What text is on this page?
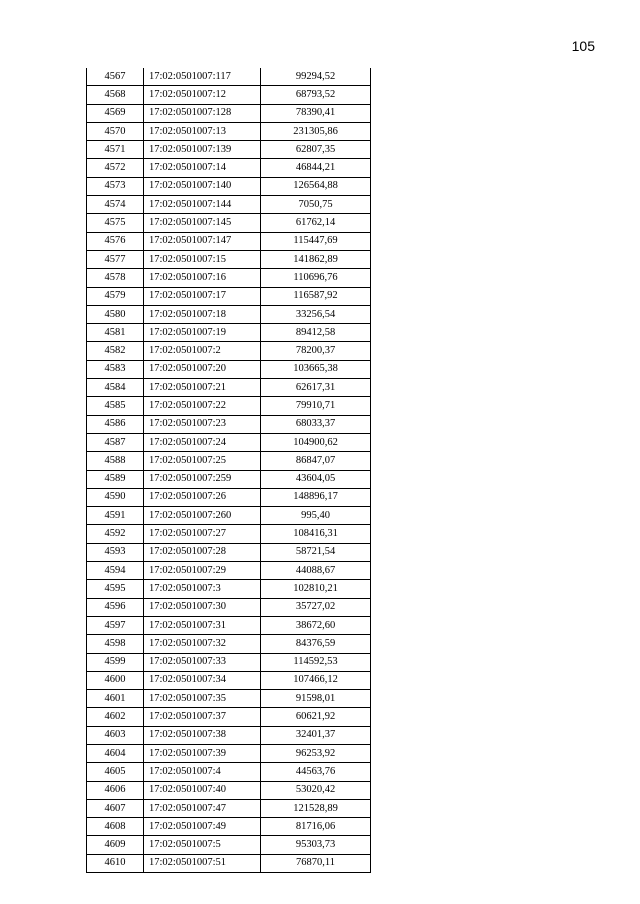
105
4567	17:02:0501007:117	99294,52
4568	17:02:0501007:12	68793,52
4569	17:02:0501007:128	78390,41
4570	17:02:0501007:13	231305,86
4571	17:02:0501007:139	62807,35
4572	17:02:0501007:14	46844,21
4573	17:02:0501007:140	126564,88
4574	17:02:0501007:144	7050,75
4575	17:02:0501007:145	61762,14
4576	17:02:0501007:147	115447,69
4577	17:02:0501007:15	141862,89
4578	17:02:0501007:16	110696,76
4579	17:02:0501007:17	116587,92
4580	17:02:0501007:18	33256,54
4581	17:02:0501007:19	89412,58
4582	17:02:0501007:2	78200,37
4583	17:02:0501007:20	103665,38
4584	17:02:0501007:21	62617,31
4585	17:02:0501007:22	79910,71
4586	17:02:0501007:23	68033,37
4587	17:02:0501007:24	104900,62
4588	17:02:0501007:25	86847,07
4589	17:02:0501007:259	43604,05
4590	17:02:0501007:26	148896,17
4591	17:02:0501007:260	995,40
4592	17:02:0501007:27	108416,31
4593	17:02:0501007:28	58721,54
4594	17:02:0501007:29	44088,67
4595	17:02:0501007:3	102810,21
4596	17:02:0501007:30	35727,02
4597	17:02:0501007:31	38672,60
4598	17:02:0501007:32	84376,59
4599	17:02:0501007:33	114592,53
4600	17:02:0501007:34	107466,12
4601	17:02:0501007:35	91598,01
4602	17:02:0501007:37	60621,92
4603	17:02:0501007:38	32401,37
4604	17:02:0501007:39	96253,92
4605	17:02:0501007:4	44563,76
4606	17:02:0501007:40	53020,42
4607	17:02:0501007:47	121528,89
4608	17:02:0501007:49	81716,06
4609	17:02:0501007:5	95303,73
4610	17:02:0501007:51	76870,11
